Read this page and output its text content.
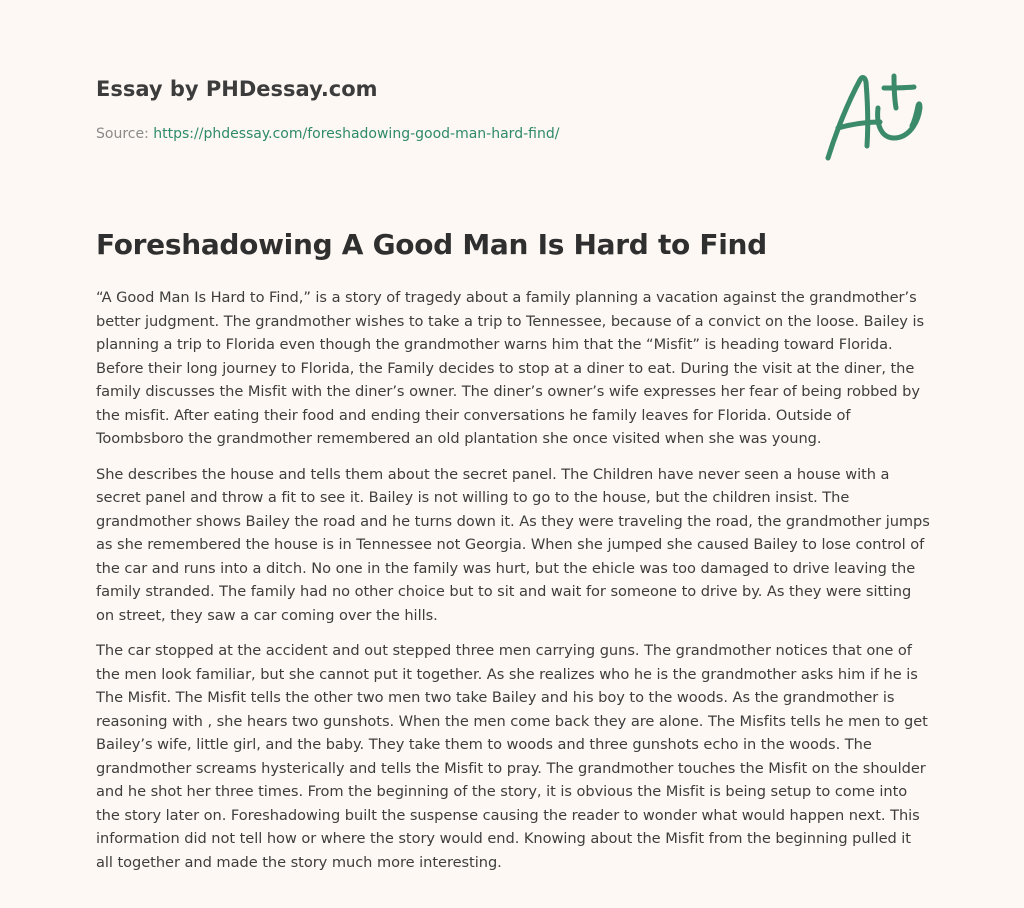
Essay by PHDessay.com
Source: https://phdessay.com/foreshadowing-good-man-hard-find/
Foreshadowing A Good Man Is Hard to Find

“A Good Man Is Hard to Find,” is a story of tragedy about a family planning a vacation against the grandmother’s better judgment. The grandmother wishes to take a trip to Tennessee, because of a convict on the loose. Bailey is planning a trip to Florida even though the grandmother warns him that the “Misfit” is heading toward Florida. Before their long journey to Florida, the Family decides to stop at a diner to eat. During the visit at the diner, the family discusses the Misfit with the diner’s owner. The diner’s owner’s wife expresses her fear of being robbed by the misfit. After eating their food and ending their conversations he family leaves for Florida. Outside of Toombsboro the grandmother remembered an old plantation she once visited when she was young.

She describes the house and tells them about the secret panel. The Children have never seen a house with a secret panel and throw a fit to see it. Bailey is not willing to go to the house, but the children insist. The grandmother shows Bailey the road and he turns down it. As they were traveling the road, the grandmother jumps as she remembered the house is in Tennessee not Georgia. When she jumped she caused Bailey to lose control of the car and runs into a ditch. No one in the family was hurt, but the ehicle was too damaged to drive leaving the family stranded. The family had no other choice but to sit and wait for someone to drive by. As they were sitting on street, they saw a car coming over the hills.

The car stopped at the accident and out stepped three men carrying guns. The grandmother notices that one of the men look familiar, but she cannot put it together. As she realizes who he is the grandmother asks him if he is The Misfit. The Misfit tells the other two men two take Bailey and his boy to the woods. As the grandmother is reasoning with , she hears two gunshots. When the men come back they are alone. The Misfits tells he men to get Bailey’s wife, little girl, and the baby. They take them to woods and three gunshots echo in the woods. The grandmother screams hysterically and tells the Misfit to pray. The grandmother touches the Misfit on the shoulder and he shot her three times. From the beginning of the story, it is obvious the Misfit is being setup to come into the story later on. Foreshadowing built the suspense causing the reader to wonder what would happen next. This information did not tell how or where the story would end. Knowing about the Misfit from the beginning pulled it all together and made the story much more interesting.
